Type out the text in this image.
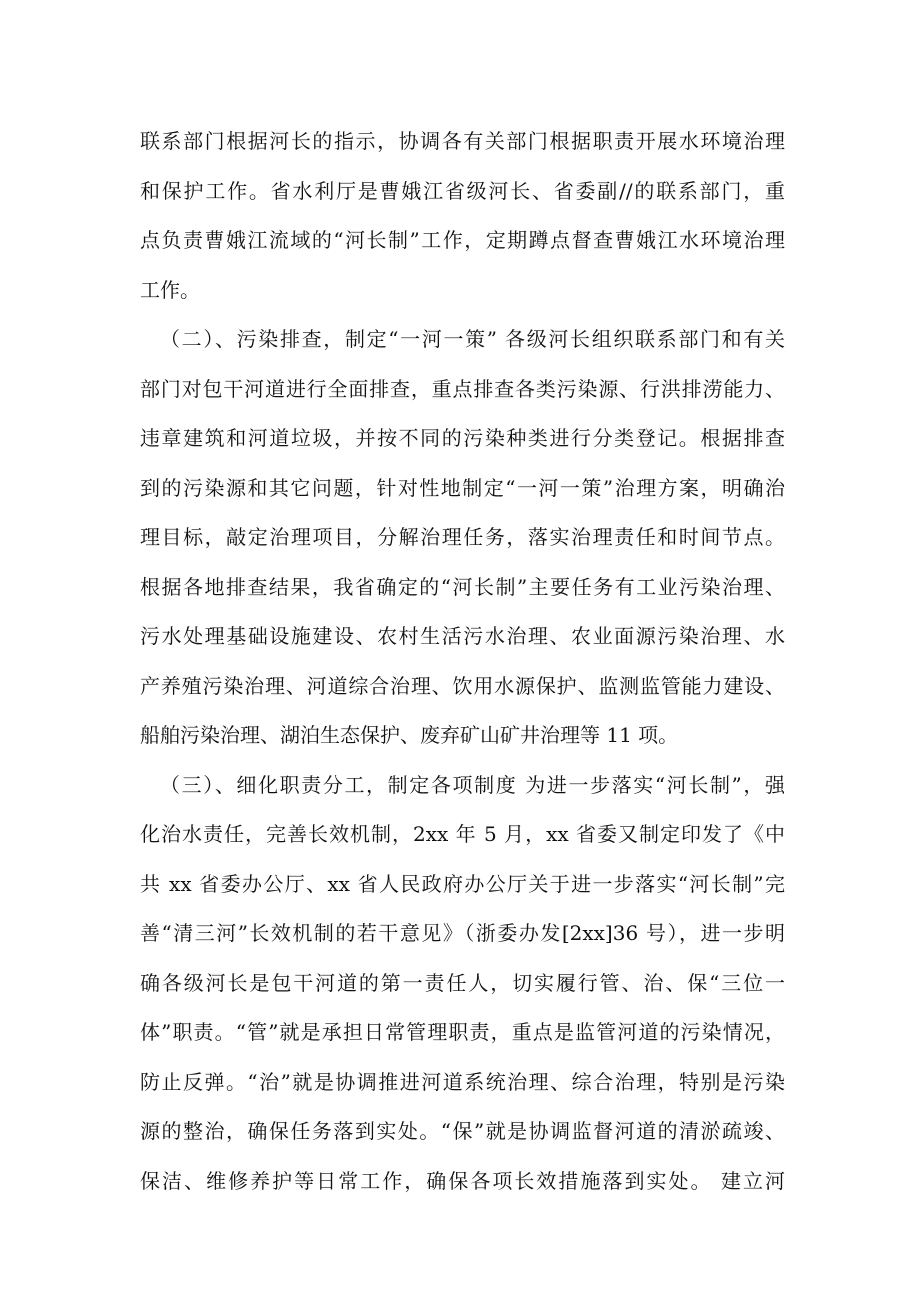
联系部门根据河长的指示，协调各有关部门根据职责开展水环境治理
和保护工作。省水利厅是曹娥江省级河长、省委副//的联系部门，重
点负责曹娥江流域的“河长制”工作，定期蹲点督查曹娥江水环境治理
工作。
（二）、污染排查，制定“一河一策” 各级河长组织联系部门和有关
部门对包干河道进行全面排查，重点排查各类污染源、行洪排涝能力、
违章建筑和河道垃圾，并按不同的污染种类进行分类登记。根据排查
到的污染源和其它问题，针对性地制定“一河一策”治理方案，明确治
理目标，敲定治理项目，分解治理任务，落实治理责任和时间节点。
根据各地排查结果，我省确定的“河长制”主要任务有工业污染治理、
污水处理基础设施建设、农村生活污水治理、农业面源污染治理、水
产养殖污染治理、河道综合治理、饮用水源保护、监测监管能力建设、
船舶污染治理、湖泊生态保护、废弃矿山矿井治理等 11 项。
（三）、细化职责分工，制定各项制度 为进一步落实“河长制”，强
化治水责任，完善长效机制，2xx 年 5 月，xx 省委又制定印发了《中
共 xx 省委办公厅、xx 省人民政府办公厅关于进一步落实“河长制”完
善“清三河”长效机制的若干意见》（浙委办发[2xx]36 号），进一步明
确各级河长是包干河道的第一责任人，切实履行管、治、保“三位一
体”职责。“管”就是承担日常管理职责，重点是监管河道的污染情况，
防止反弹。“治”就是协调推进河道系统治理、综合治理，特别是污染
源的整治，确保任务落到实处。“保”就是协调监督河道的清淤疏竣、
保洁、维修养护等日常工作，确保各项长效措施落到实处。 建立河
